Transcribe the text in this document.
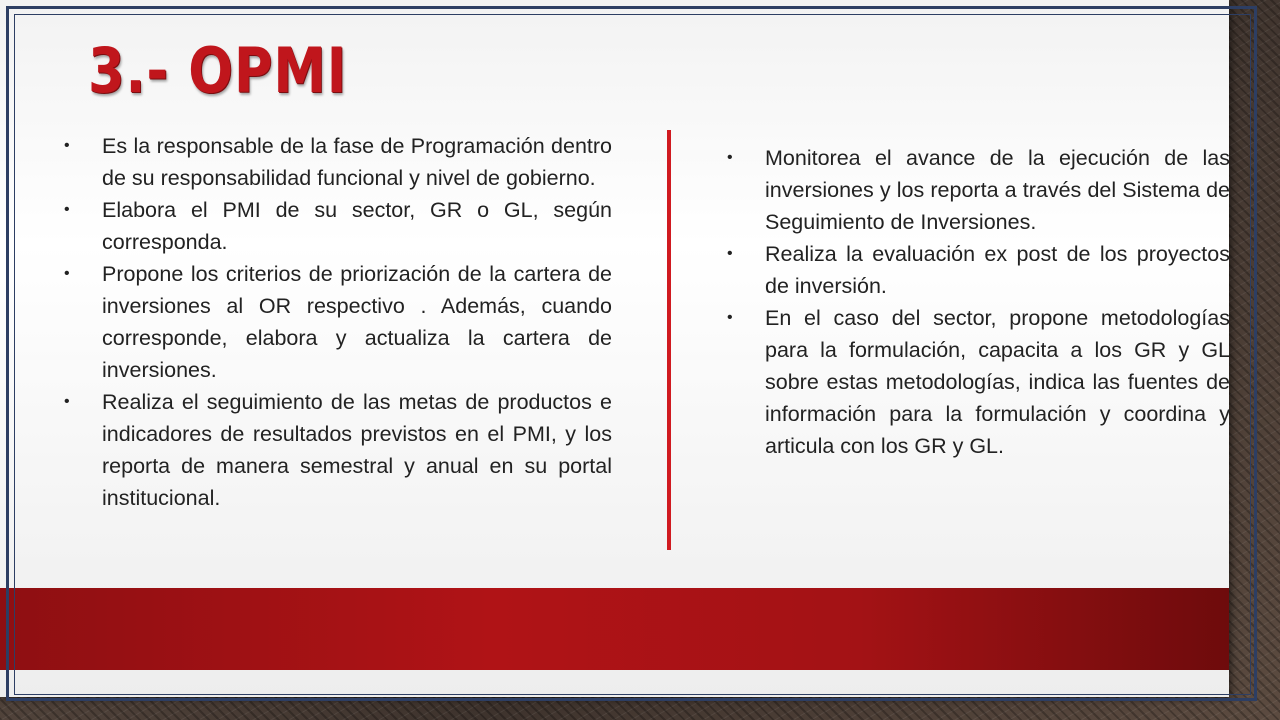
3.- OPMI
•	Es la responsable de la fase de Programación dentro de su responsabilidad funcional y nivel de gobierno.
•	Elabora el PMI de su sector, GR o GL, según corresponda.
•	Propone los criterios de priorización de la cartera de inversiones al OR respectivo . Además, cuando corresponde, elabora y actualiza la cartera de inversiones.
•	Realiza el seguimiento de las metas de productos e indicadores de resultados previstos en el PMI, y los reporta de manera semestral y anual en su portal institucional.
•	Monitorea el avance de la ejecución de las inversiones y los reporta a través del Sistema de Seguimiento de Inversiones.
•	Realiza la evaluación ex post de los proyectos de inversión.
•	En el caso del sector, propone metodologías para la formulación, capacita a los GR y GL sobre estas metodologías, indica las fuentes de información para la formulación y coordina y articula con los GR y GL.
